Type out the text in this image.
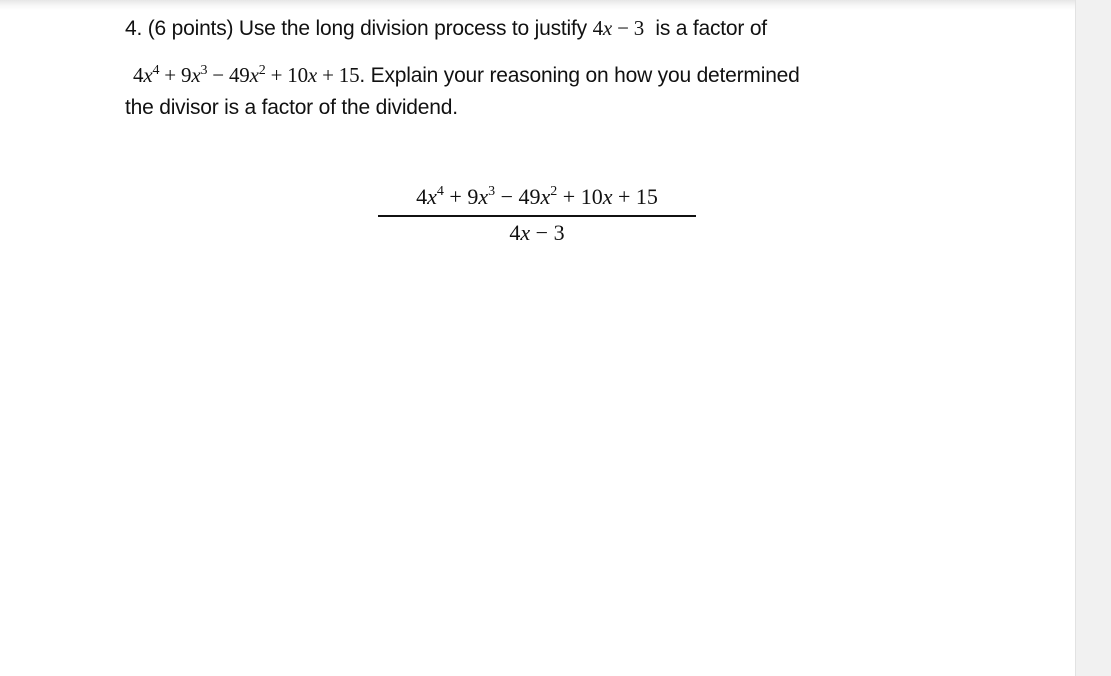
4. (6 points) Use the long division process to justify 4x − 3 is a factor of
$4x^4 + 9x^3 - 49x^2 + 10x + 15$. Explain your reasoning on how you determined
the divisor is a factor of the dividend.
$4x^4 + 9x^3 - 49x^2 + 10x + 15$
4x − 3
